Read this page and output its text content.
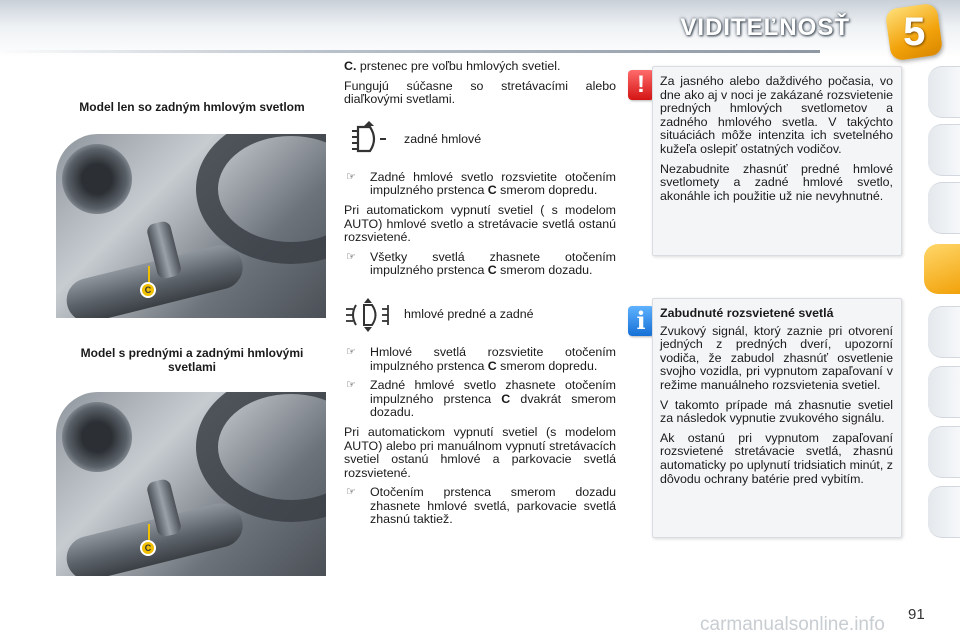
VIDITEĽNOSŤ 5

Model len so zadným hmlovým svetlom

C

Model s prednými a zadnými hmlovými svetlami

C
C. prstenec pre voľbu hmlových svetiel.

Fungujú súčasne so stretávacími alebo diaľkovými svetlami.

zadné hmlové
☞	Zadné hmlové svetlo rozsvietite otočením impulzného prstenca C smerom dopredu.

Pri automatickom vypnutí svetiel ( s modelom AUTO) hmlové svetlo a stretávacie svetlá ostanú rozsvietené.

☞	Všetky svetlá zhasnete otočením impulzného prstenca C smerom dozadu.
hmlové predné a zadné
☞	Hmlové svetlá rozsvietite otočením impulzného prstenca C smerom dopredu.
☞	Zadné hmlové svetlo zhasnete otočením impulzného prstenca C dvakrát smerom dozadu.

Pri automatickom vypnutí svetiel (s modelom AUTO) alebo pri manuálnom vypnutí stretávacích svetiel ostanú hmlové a parkovacie svetlá rozsvietené.

☞	Otočením prstenca smerom dozadu zhasnete hmlové svetlá, parkovacie svetlá zhasnú taktiež.
!	Za jasného alebo daždivého počasia, vo dne ako aj v noci je zakázané rozsvietenie predných hmlových svetlometov a zadného hmlového svetla. V takýchto situáciách môže intenzita ich svetelného kužeľa oslepiť ostatných vodičov.

Nezabudnite zhasnúť predné hmlové svetlomety a zadné hmlové svetlo, akonáhle ich použitie už nie nevyhnutné.

i	Zabudnuté rozsvietené svetlá

Zvukový signál, ktorý zaznie pri otvorení jedných z predných dverí, upozorní vodiča, že zabudol zhasnúť osvetlenie svojho vozidla, pri vypnutom zapaľovaní v režime manuálneho rozsvietenia svetiel.

V takomto prípade má zhasnutie svetiel za následok vypnutie zvukového signálu.

Ak ostanú pri vypnutom zapaľovaní rozsvietené stretávacie svetlá, zhasnú automaticky po uplynutí tridsiatich minút, z dôvodu ochrany batérie pred vybitím.

carmanualsonline.info 91
